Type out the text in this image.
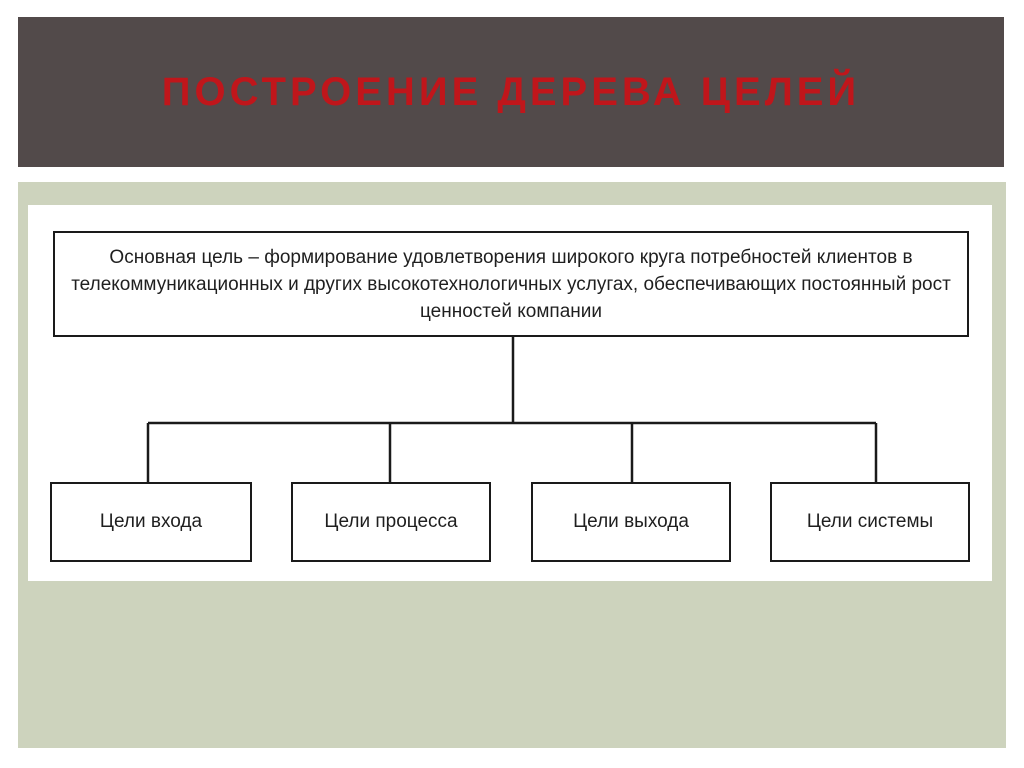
ПОСТРОЕНИЕ ДЕРЕВА ЦЕЛЕЙ
Основная цель – формирование удовлетворения широкого круга потребностей клиентов в телекоммуникационных и других высокотехнологичных услугах, обеспечивающих постоянный рост ценностей компании
Цели входа	Цели процесса	Цели выхода	Цели системы
